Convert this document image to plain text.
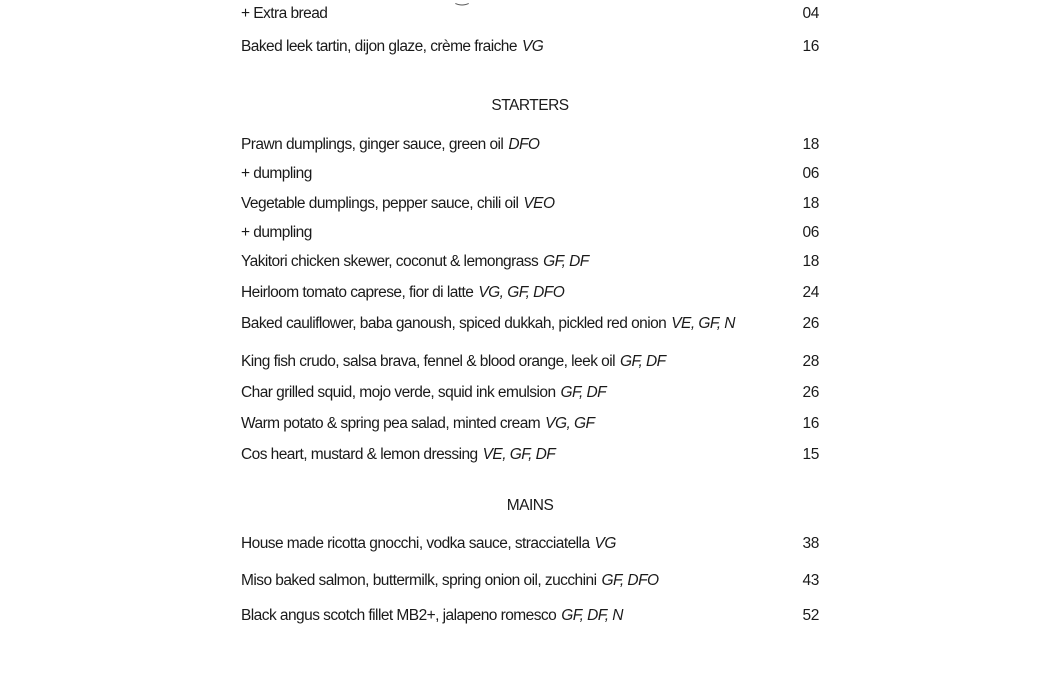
+ Extra bread	04
Baked leek tartin, dijon glaze, crème fraiche VG	16
STARTERS
Prawn dumplings, ginger sauce, green oil DFO	18
+ dumpling	06
Vegetable dumplings, pepper sauce, chili oil VEO	18
+ dumpling	06
Yakitori chicken skewer, coconut & lemongrass GF, DF	18
Heirloom tomato caprese, fior di latte VG, GF, DFO	24
Baked cauliflower, baba ganoush, spiced dukkah, pickled red onion VE, GF, N	26
King fish crudo, salsa brava, fennel & blood orange, leek oil GF, DF	28
Char grilled squid, mojo verde, squid ink emulsion GF, DF	26
Warm potato & spring pea salad, minted cream VG, GF	16
Cos heart, mustard & lemon dressing VE, GF, DF	15
MAINS
House made ricotta gnocchi, vodka sauce, stracciatella VG	38
Miso baked salmon, buttermilk, spring onion oil, zucchini GF, DFO	43
Black angus scotch fillet MB2+, jalapeno romesco GF, DF, N	52
